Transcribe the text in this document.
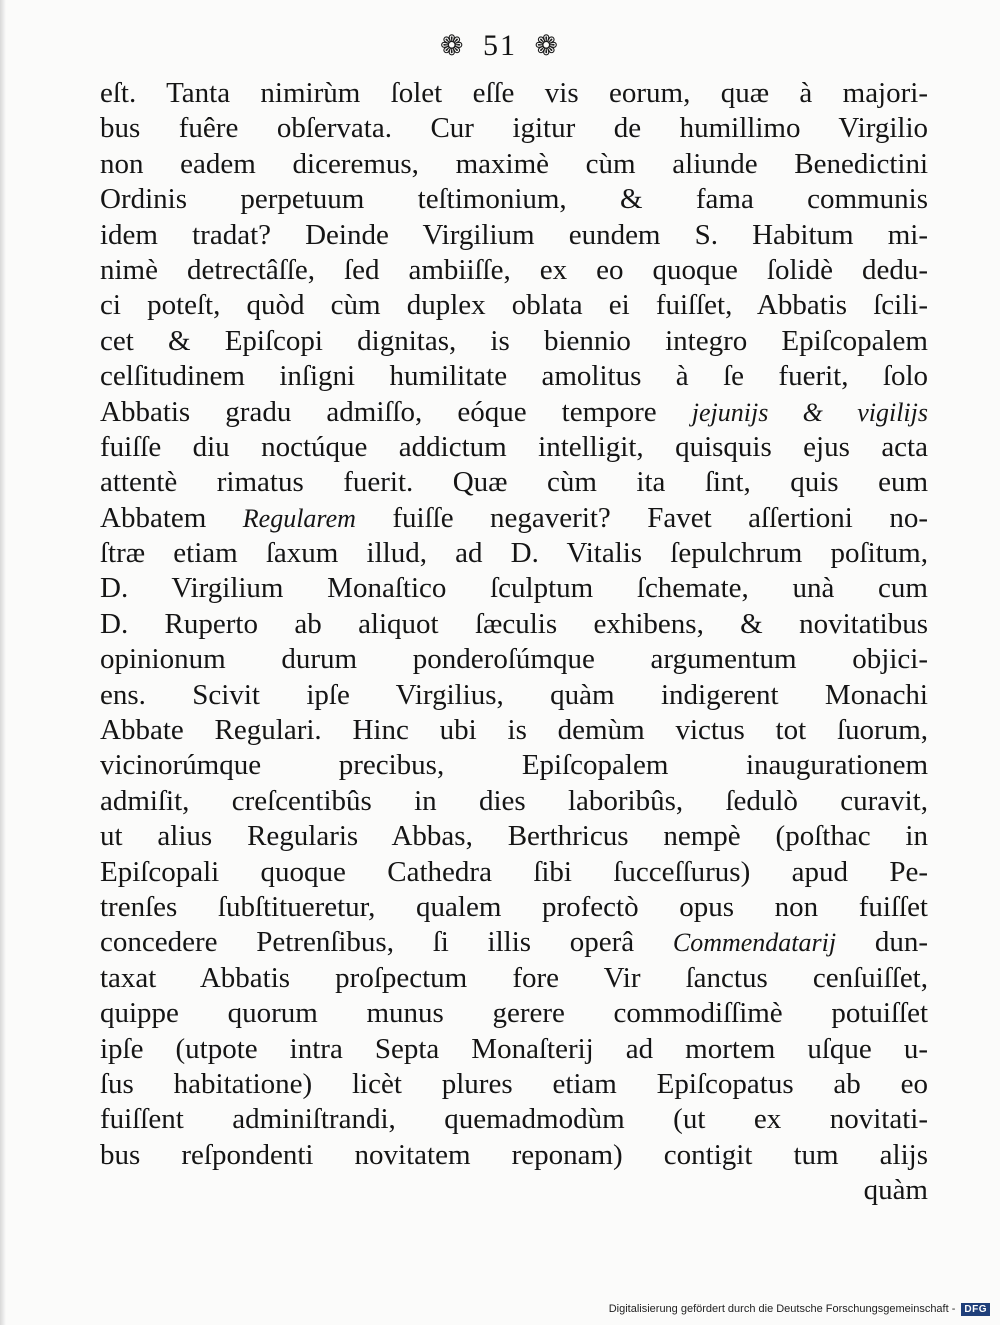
❁ 51 ❁
eſt. Tanta nimirùm ſolet eſſe vis eorum, quæ à majori-
bus fuêre obſervata. Cur igitur de humillimo Virgilio
non eadem diceremus, maximè cùm aliunde Benedictini
Ordinis perpetuum teſtimonium, & fama communis
idem tradat? Deinde Virgilium eundem S. Habitum mi-
nimè detrectâſſe, ſed ambiiſſe, ex eo quoque ſolidè dedu-
ci poteſt, quòd cùm duplex oblata ei fuiſſet, Abbatis ſcili-
cet & Epiſcopi dignitas, is biennio integro Epiſcopalem
celſitudinem inſigni humilitate amolitus à ſe fuerit, ſolo
Abbatis gradu admiſſo, eóque tempore jejunijs & vigilijs
fuiſſe diu noctúque addictum intelligit, quisquis ejus acta
attentè rimatus fuerit. Quæ cùm ita ſint, quis eum
Abbatem Regularem fuiſſe negaverit? Favet aſſertioni no-
ſtræ etiam ſaxum illud, ad D. Vitalis ſepulchrum poſitum,
D. Virgilium Monaſtico ſculptum ſchemate, unà cum
D. Ruperto ab aliquot ſæculis exhibens, & novitatibus
opinionum durum ponderoſúmque argumentum objici-
ens. Scivit ipſe Virgilius, quàm indigerent Monachi
Abbate Regulari. Hinc ubi is demùm victus tot ſuorum,
vicinorúmque precibus, Epiſcopalem inaugurationem
admiſit, creſcentibûs in dies laboribûs, ſedulò curavit,
ut alius Regularis Abbas, Berthricus nempè (poſthac in
Epiſcopali quoque Cathedra ſibi ſucceſſurus) apud Pe-
trenſes ſubſtitueretur, qualem profectò opus non fuiſſet
concedere Petrenſibus, ſi illis operâ Commendatarij dun-
taxat Abbatis proſpectum fore Vir ſanctus cenſuiſſet,
quippe quorum munus gerere commodiſſimè potuiſſet
ipſe (utpote intra Septa Monaſterij ad mortem uſque u-
ſus habitatione) licèt plures etiam Epiſcopatus ab eo
fuiſſent adminiſtrandi, quemadmodùm (ut ex novitati-
bus reſpondenti novitatem reponam) contigit tum alijs
quàm
Digitalisierung gefördert durch die Deutsche Forschungsgemeinschaft - DFG
